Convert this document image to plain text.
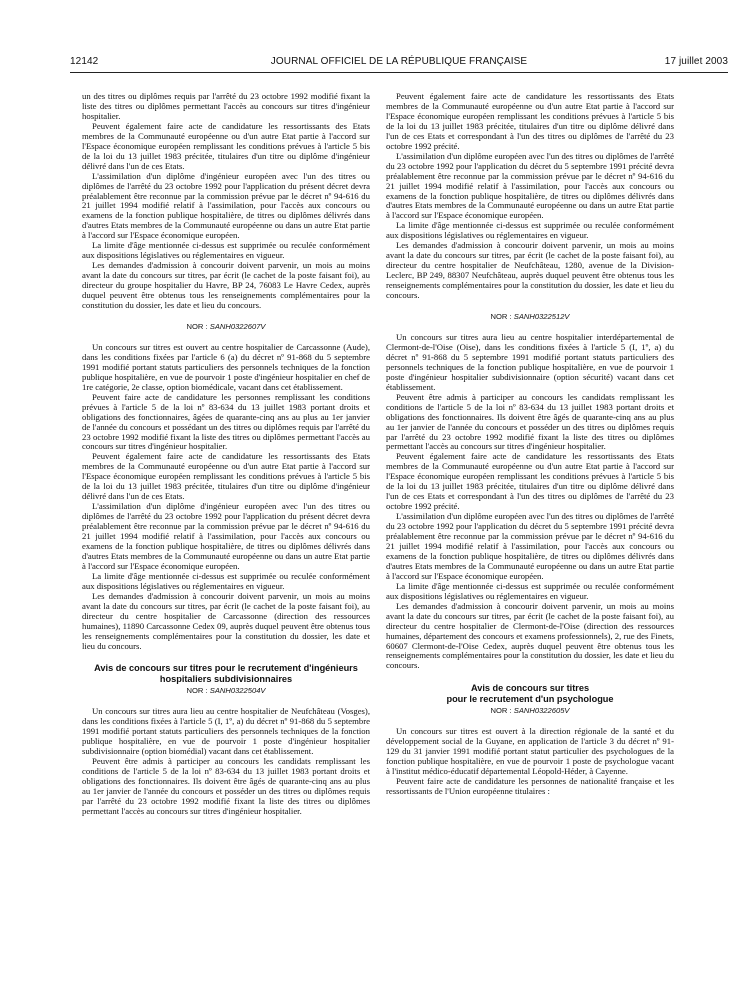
12142	JOURNAL OFFICIEL DE LA RÉPUBLIQUE FRANÇAISE	17 juillet 2003

un des titres ou diplômes requis par l'arrêté du 23 octobre 1992 modifié fixant la liste des titres ou diplômes permettant l'accès au concours sur titres d'ingénieur hospitalier.

Peuvent également faire acte de candidature les ressortissants des Etats membres de la Communauté européenne ou d'un autre Etat partie à l'accord sur l'Espace économique européen remplissant les conditions prévues à l'article 5 bis de la loi du 13 juillet 1983 précitée, titulaires d'un titre ou diplôme d'ingénieur délivré dans l'un de ces Etats.

L'assimilation d'un diplôme d'ingénieur européen avec l'un des titres ou diplômes de l'arrêté du 23 octobre 1992 pour l'application du présent décret devra préalablement être reconnue par la commission prévue par le décret nº 94-616 du 21 juillet 1994 modifié relatif à l'assimilation, pour l'accès aux concours ou examens de la fonction publique hospitalière, de titres ou diplômes délivrés dans d'autres Etats membres de la Communauté européenne ou dans un autre Etat partie à l'accord sur l'Espace économique européen.

La limite d'âge mentionnée ci-dessus est supprimée ou reculée conformément aux dispositions législatives ou réglementaires en vigueur.

Les demandes d'admission à concourir doivent parvenir, un mois au moins avant la date du concours sur titres, par écrit (le cachet de la poste faisant foi), au directeur du groupe hospitalier du Havre, BP 24, 76083 Le Havre Cedex, auprès duquel peuvent être obtenus tous les renseignements complémentaires pour la constitution du dossier, les date et lieu du concours.

NOR : SANH0322607V

Un concours sur titres est ouvert au centre hospitalier de Carcassonne (Aude), dans les conditions fixées par l'article 6 (a) du décret nº 91-868 du 5 septembre 1991 modifié portant statuts particuliers des personnels techniques de la fonction publique hospitalière, en vue de pourvoir 1 poste d'ingénieur hospitalier en chef de 1re catégorie, 2e classe, option biomédicale, vacant dans cet établissement.

Peuvent faire acte de candidature les personnes remplissant les conditions prévues à l'article 5 de la loi nº 83-634 du 13 juillet 1983 portant droits et obligations des fonctionnaires, âgées de quarante-cinq ans au plus au 1er janvier de l'année du concours et possédant un des titres ou diplômes requis par l'arrêté du 23 octobre 1992 modifié fixant la liste des titres ou diplômes permettant l'accès au concours sur titres d'ingénieur hospitalier.

Peuvent également faire acte de candidature les ressortissants des Etats membres de la Communauté européenne ou d'un autre Etat partie à l'accord sur l'Espace économique européen remplissant les conditions prévues à l'article 5 bis de la loi du 13 juillet 1983 précitée, titulaires d'un titre ou diplôme d'ingénieur délivré dans l'un de ces Etats.

L'assimilation d'un diplôme d'ingénieur européen avec l'un des titres ou diplômes de l'arrêté du 23 octobre 1992 pour l'application du présent décret devra préalablement être reconnue par la commission prévue par le décret nº 94-616 du 21 juillet 1994 modifié relatif à l'assimilation, pour l'accès aux concours ou examens de la fonction publique hospitalière, de titres ou diplômes délivrés dans d'autres Etats membres de la Communauté européenne ou dans un autre Etat partie à l'accord sur l'Espace économique européen.

La limite d'âge mentionnée ci-dessus est supprimée ou reculée conformément aux dispositions législatives ou réglementaires en vigueur.

Les demandes d'admission à concourir doivent parvenir, un mois au moins avant la date du concours sur titres, par écrit (le cachet de la poste faisant foi), au directeur du centre hospitalier de Carcassonne (direction des ressources humaines), 11890 Carcassonne Cedex 09, auprès duquel peuvent être obtenus tous les renseignements complémentaires pour la constitution du dossier, les date et lieu du concours.

Avis de concours sur titres pour le recrutement d'ingénieurs hospitaliers subdivisionnaires
NOR : SANH0322504V

Un concours sur titres aura lieu au centre hospitalier de Neufchâteau (Vosges), dans les conditions fixées à l'article 5 (I, 1º, a) du décret nº 91-868 du 5 septembre 1991 modifié portant statuts particuliers des personnels techniques de la fonction publique hospitalière, en vue de pourvoir 1 poste d'ingénieur hospitalier subdivisionnaire (option biomédial) vacant dans cet établissement.

Peuvent être admis à participer au concours les candidats remplissant les conditions de l'article 5 de la loi nº 83-634 du 13 juillet 1983 portant droits et obligations des fonctionnaires. Ils doivent être âgés de quarante-cinq ans au plus au 1er janvier de l'année du concours et posséder un des titres ou diplômes requis par l'arrêté du 23 octobre 1992 modifié fixant la liste des titres ou diplômes permettant l'accès au concours sur titres d'ingénieur hospitalier.

Peuvent également faire acte de candidature les ressortissants des Etats membres de la Communauté européenne ou d'un autre Etat partie à l'accord sur l'Espace économique européen remplissant les conditions prévues à l'article 5 bis de la loi du 13 juillet 1983 précitée, titulaires d'un titre ou diplôme délivré dans l'un de ces Etats et correspondant à l'un des titres ou diplômes de l'arrêté du 23 octobre 1992 précité.

L'assimilation d'un diplôme européen avec l'un des titres ou diplômes de l'arrêté du 23 octobre 1992 pour l'application du décret du 5 septembre 1991 précité devra préalablement être reconnue par la commission prévue par le décret nº 94-616 du 21 juillet 1994 modifié relatif à l'assimilation, pour l'accès aux concours ou examens de la fonction publique hospitalière, de titres ou diplômes délivrés dans d'autres Etats membres de la Communauté européenne ou dans un autre Etat partie à l'accord sur l'Espace économique européen.

La limite d'âge mentionnée ci-dessus est supprimée ou reculée conformément aux dispositions législatives ou réglementaires en vigueur.

Les demandes d'admission à concourir doivent parvenir, un mois au moins avant la date du concours sur titres, par écrit (le cachet de la poste faisant foi), au directeur du centre hospitalier de Neufchâteau, 1280, avenue de la Division-Leclerc, BP 249, 88307 Neufchâteau, auprès duquel peuvent être obtenus tous les renseignements complémentaires pour la constitution du dossier, les date et lieu du concours.

NOR : SANH0322512V

Un concours sur titres aura lieu au centre hospitalier interdépartemental de Clermont-de-l'Oise (Oise), dans les conditions fixées à l'article 5 (I, 1º, a) du décret nº 91-868 du 5 septembre 1991 modifié portant statuts particuliers des personnels techniques de la fonction publique hospitalière, en vue de pourvoir 1 poste d'ingénieur hospitalier subdivisionnaire (option sécurité) vacant dans cet établissement.

Peuvent être admis à participer au concours les candidats remplissant les conditions de l'article 5 de la loi nº 83-634 du 13 juillet 1983 portant droits et obligations des fonctionnaires. Ils doivent être âgés de quarante-cinq ans au plus au 1er janvier de l'année du concours et posséder un des titres ou diplômes requis par l'arrêté du 23 octobre 1992 modifié fixant la liste des titres ou diplômes permettant l'accès au concours sur titres d'ingénieur hospitalier.

Peuvent également faire acte de candidature les ressortissants des Etats membres de la Communauté européenne ou d'un autre Etat partie à l'accord sur l'Espace économique européen remplissant les conditions prévues à l'article 5 bis de la loi du 13 juillet 1983 précitée, titulaires d'un titre ou diplôme délivré dans l'un de ces Etats et correspondant à l'un des titres ou diplômes de l'arrêté du 23 octobre 1992 précité.

L'assimilation d'un diplôme européen avec l'un des titres ou diplômes de l'arrêté du 23 octobre 1992 pour l'application du décret du 5 septembre 1991 précité devra préalablement être reconnue par la commission prévue par le décret nº 94-616 du 21 juillet 1994 modifié relatif à l'assimilation, pour l'accès aux concours ou examens de la fonction publique hospitalière, de titres ou diplômes délivrés dans d'autres Etats membres de la Communauté européenne ou dans un autre Etat partie à l'accord sur l'Espace économique européen.

La limite d'âge mentionnée ci-dessus est supprimée ou reculée conformément aux dispositions législatives ou réglementaires en vigueur.

Les demandes d'admission à concourir doivent parvenir, un mois au moins avant la date du concours sur titres, par écrit (le cachet de la poste faisant foi), au directeur du centre hospitalier de Clermont-de-l'Oise (direction des ressources humaines, département des concours et examens professionnels), 2, rue des Finets, 60607 Clermont-de-l'Oise Cedex, auprès duquel peuvent être obtenus tous les renseignements complémentaires pour la constitution du dossier, les date et lieu du concours.

Avis de concours sur titres
pour le recrutement d'un psychologue
NOR : SANH0322605V

Un concours sur titres est ouvert à la direction régionale de la santé et du développement social de la Guyane, en application de l'article 3 du décret nº 91-129 du 31 janvier 1991 modifié portant statut particulier des psychologues de la fonction publique hospitalière, en vue de pourvoir 1 poste de psychologue vacant à l'institut médico-éducatif départemental Léopold-Héder, à Cayenne.

Peuvent faire acte de candidature les personnes de nationalité française et les ressortissants de l'Union européenne titulaires :
